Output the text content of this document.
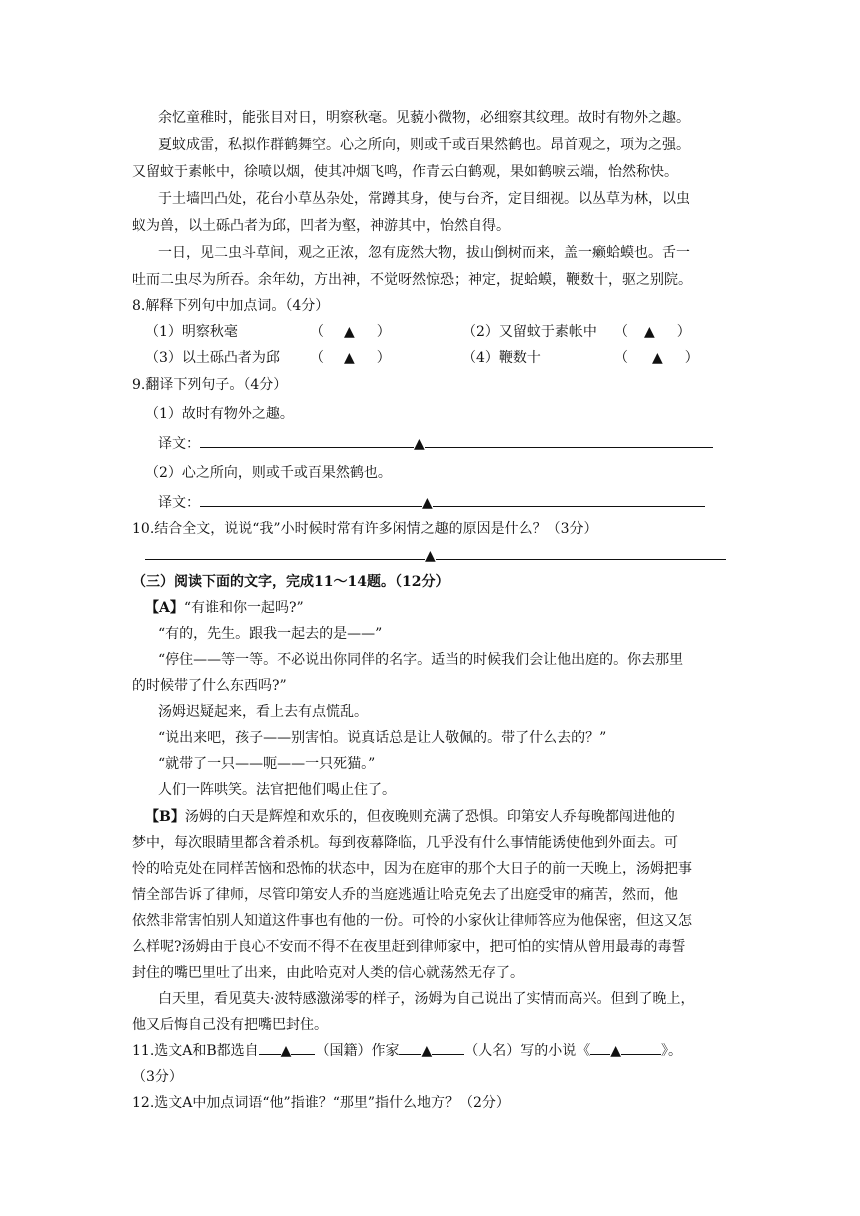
余忆童稚时，能张目对日，明察秋毫。见藐小微物，必细察其纹理。故时有物外之趣。
夏蚊成雷，私拟作群鹤舞空。心之所向，则或千或百果然鹤也。昂首观之，项为之强。
又留蚊于素帐中，徐喷以烟，使其冲烟飞鸣，作青云白鹤观，果如鹤唳云端，怡然称快。
于土墙凹凸处，花台小草丛杂处，常蹲其身，使与台齐，定目细视。以丛草为林，以虫
蚁为兽，以土砾凸者为邱，凹者为壑，神游其中，怡然自得。
一日，见二虫斗草间，观之正浓，忽有庞然大物，拔山倒树而来，盖一癞蛤蟆也。舌一
吐而二虫尽为所吞。余年幼，方出神，不觉呀然惊恐；神定，捉蛤蟆，鞭数十，驱之别院。
8.解释下列句中加点词。（4分）
（1）明察秋毫	（ ▲ ）	（2）又留蚊于素帐中 （ ▲ ）
（3）以土砾凸者为邱 （ ▲ ）	（4）鞭数十	（ ▲ ）
9.翻译下列句子。（4分）
（1）故时有物外之趣。
译文：	▲
（2）心之所向，则或千或百果然鹤也。
译文：	▲
10.结合全文，说说“我”小时候时常有许多闲情之趣的原因是什么？（3分）
▲
（三）阅读下面的文字，完成11～14题。（12分）
【A】“有谁和你一起吗?”
“有的，先生。跟我一起去的是——”
“停住——等一等。不必说出你同伴的名字。适当的时候我们会让他出庭的。你去那里
的时候带了什么东西吗?”
汤姆迟疑起来，看上去有点慌乱。
“说出来吧，孩子——别害怕。说真话总是让人敬佩的。带了什么去的？”
“就带了一只——呃——一只死猫。”
人们一阵哄笑。法官把他们喝止住了。
【B】汤姆的白天是辉煌和欢乐的，但夜晚则充满了恐惧。印第安人乔每晚都闯进他的
梦中，每次眼睛里都含着杀机。每到夜幕降临，几乎没有什么事情能诱使他到外面去。可
怜的哈克处在同样苦恼和恐怖的状态中，因为在庭审的那个大日子的前一天晚上，汤姆把事
情全部告诉了律师，尽管印第安人乔的当庭逃遁让哈克免去了出庭受审的痛苦，然而，他
依然非常害怕别人知道这件事也有他的一份。可怜的小家伙让律师答应为他保密，但这又怎
么样呢?汤姆由于良心不安而不得不在夜里赶到律师家中，把可怕的实情从曾用最毒的毒誓
封住的嘴巴里吐了出来，由此哈克对人类的信心就荡然无存了。
白天里，看见莫夫·波特感激涕零的样子，汤姆为自己说出了实情而高兴。但到了晚上，
他又后悔自己没有把嘴巴封住。
11.选文A和B都选自 ▲ （国籍）作家 ▲ （人名）写的小说《 ▲	》。
（3分）
12.选文A中加点词语“他”指谁？“那里”指什么地方？（2分）
